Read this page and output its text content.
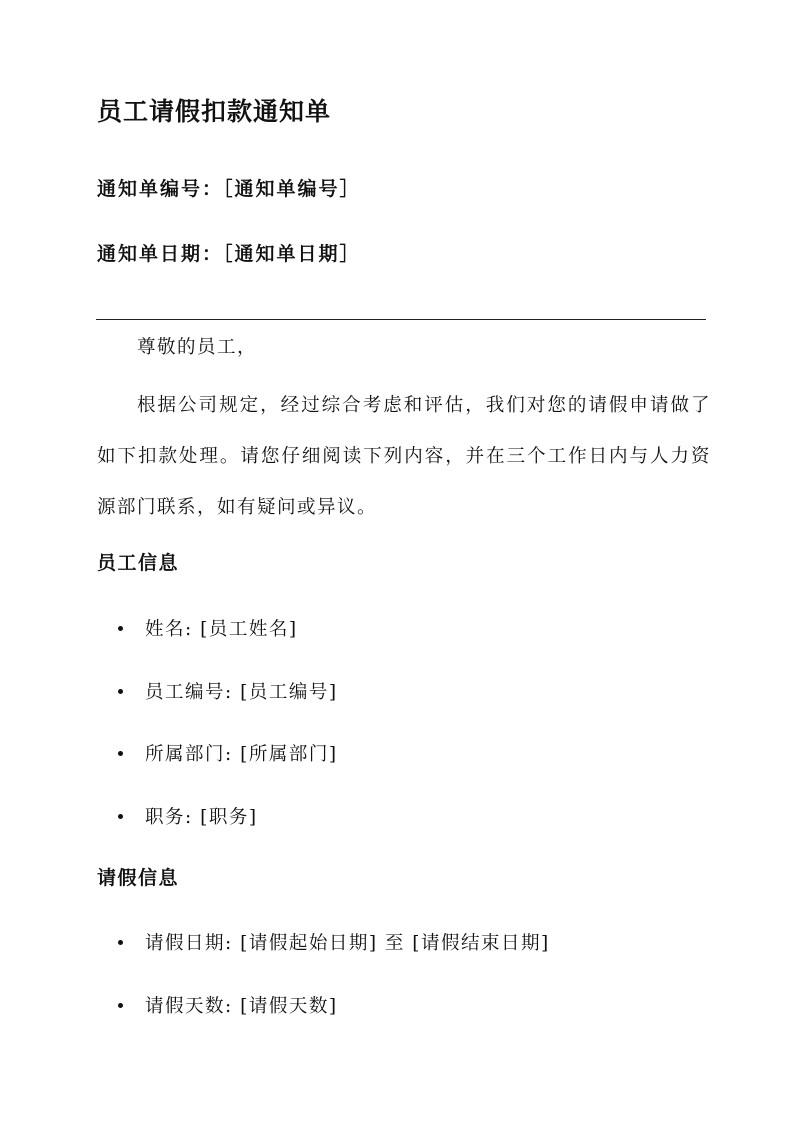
员工请假扣款通知单
通知单编号：［通知单编号］
通知单日期：［通知单日期］

尊敬的员工，

根据公司规定，经过综合考虑和评估，我们对您的请假申请做了如下扣款处理。请您仔细阅读下列内容，并在三个工作日内与人力资源部门联系，如有疑问或异议。

员工信息
姓名: [员工姓名]
员工编号: [员工编号]
所属部门: [所属部门]
职务: [职务]
请假信息
请假日期: [请假起始日期] 至 [请假结束日期]
请假天数: [请假天数]
